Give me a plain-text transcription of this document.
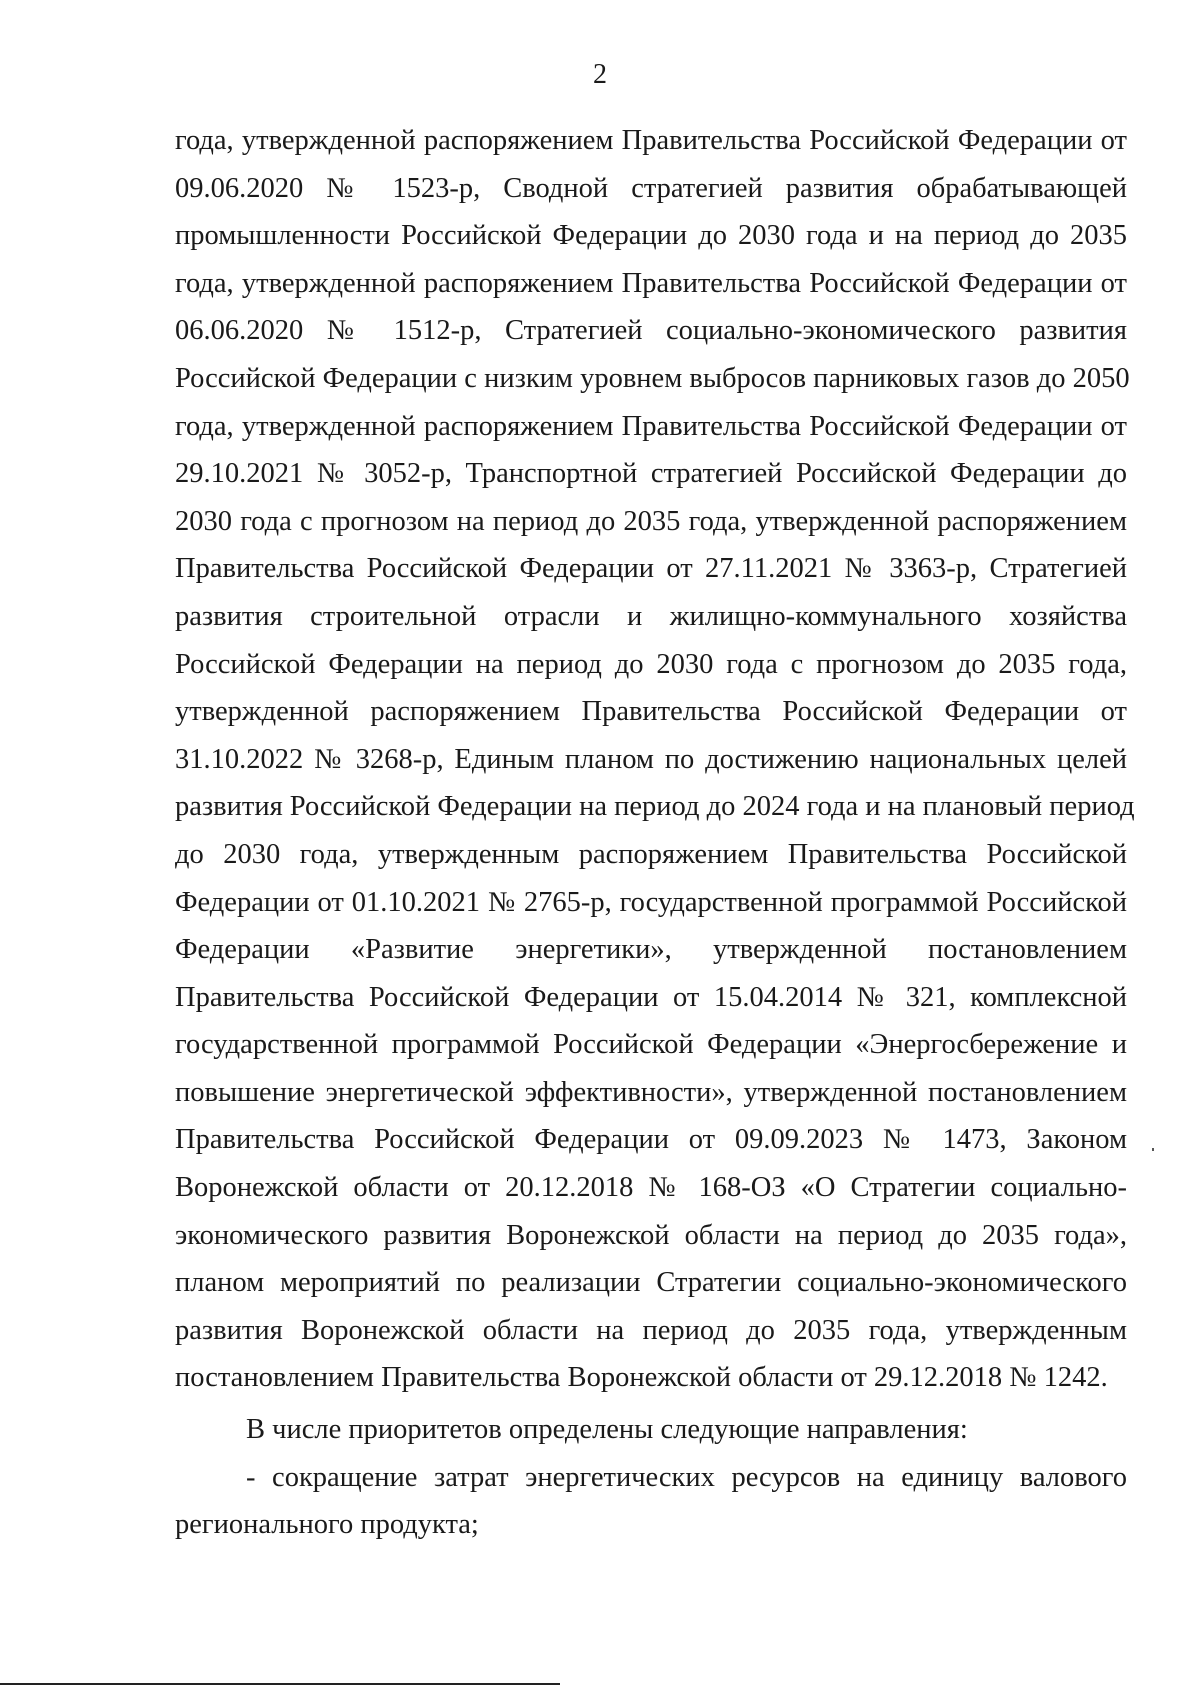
2
года, утвержденной распоряжением Правительства Российской Федерации от
09.06.2020 № 1523-р, Сводной стратегией развития обрабатывающей
промышленности Российской Федерации до 2030 года и на период до 2035
года, утвержденной распоряжением Правительства Российской Федерации от
06.06.2020 № 1512-р, Стратегией социально-экономического развития
Российской Федерации с низким уровнем выбросов парниковых газов до 2050
года, утвержденной распоряжением Правительства Российской Федерации от
29.10.2021 № 3052-р, Транспортной стратегией Российской Федерации до
2030 года с прогнозом на период до 2035 года, утвержденной распоряжением
Правительства Российской Федерации от 27.11.2021 № 3363-р, Стратегией
развития строительной отрасли и жилищно-коммунального хозяйства
Российской Федерации на период до 2030 года с прогнозом до 2035 года,
утвержденной распоряжением Правительства Российской Федерации от
31.10.2022 № 3268-р, Единым планом по достижению национальных целей
развития Российской Федерации на период до 2024 года и на плановый период
до 2030 года, утвержденным распоряжением Правительства Российской
Федерации от 01.10.2021 № 2765-р, государственной программой Российской
Федерации «Развитие энергетики», утвержденной постановлением
Правительства Российской Федерации от 15.04.2014 № 321, комплексной
государственной программой Российской Федерации «Энергосбережение и
повышение энергетической эффективности», утвержденной постановлением
Правительства Российской Федерации от 09.09.2023 № 1473, Законом
Воронежской области от 20.12.2018 № 168-ОЗ «О Стратегии социально-
экономического развития Воронежской области на период до 2035 года»,
планом мероприятий по реализации Стратегии социально-экономического
развития Воронежской области на период до 2035 года, утвержденным
постановлением Правительства Воронежской области от 29.12.2018 № 1242.
В числе приоритетов определены следующие направления:
- сокращение затрат энергетических ресурсов на единицу валового
регионального продукта;
